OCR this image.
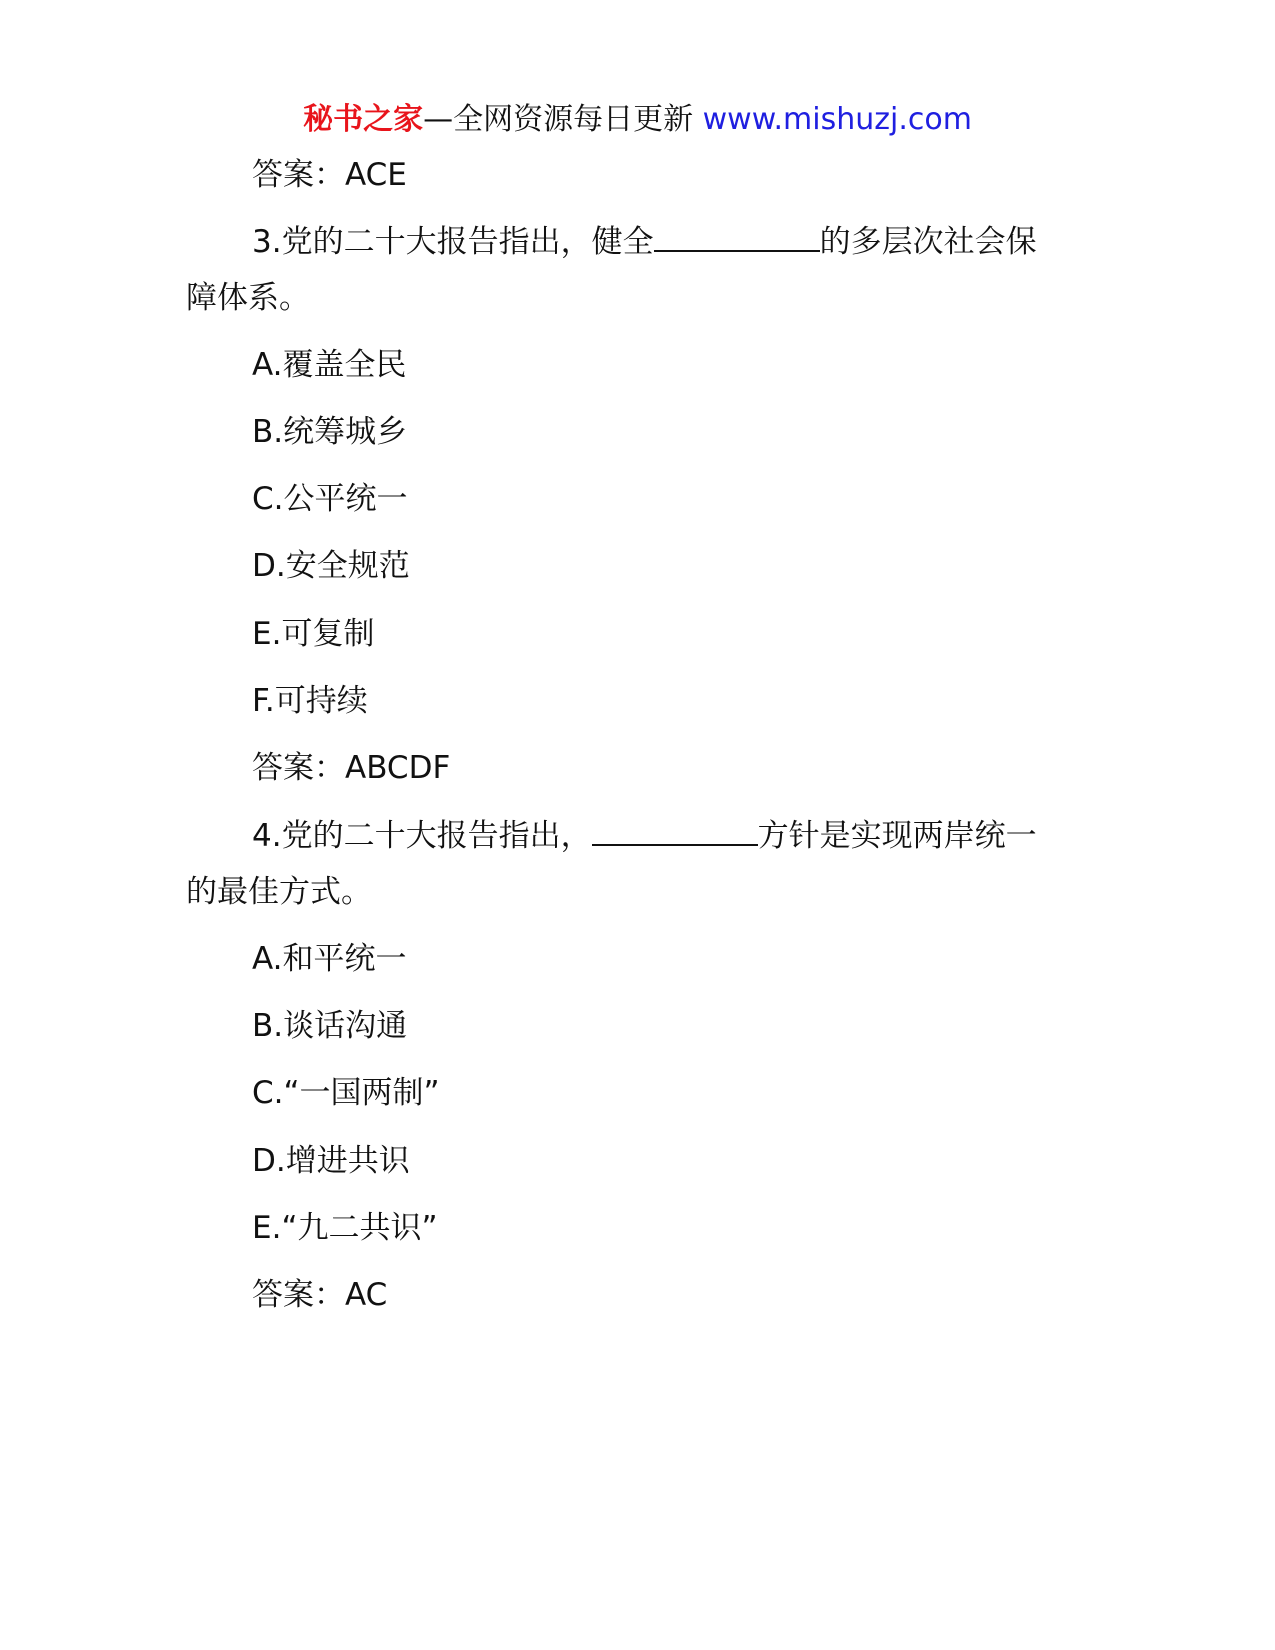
秘书之家—全网资源每日更新 www.mishuzj.com
答案：ACE
3.党的二十大报告指出，健全	的多层次社会保
障体系。
A.覆盖全民
B.统筹城乡
C.公平统一
D.安全规范
E.可复制
F.可持续
答案：ABCDF
4.党的二十大报告指出，	方针是实现两岸统一
的最佳方式。
A.和平统一
B.谈话沟通
C.“一国两制”
D.增进共识
E.“九二共识”
答案：AC
